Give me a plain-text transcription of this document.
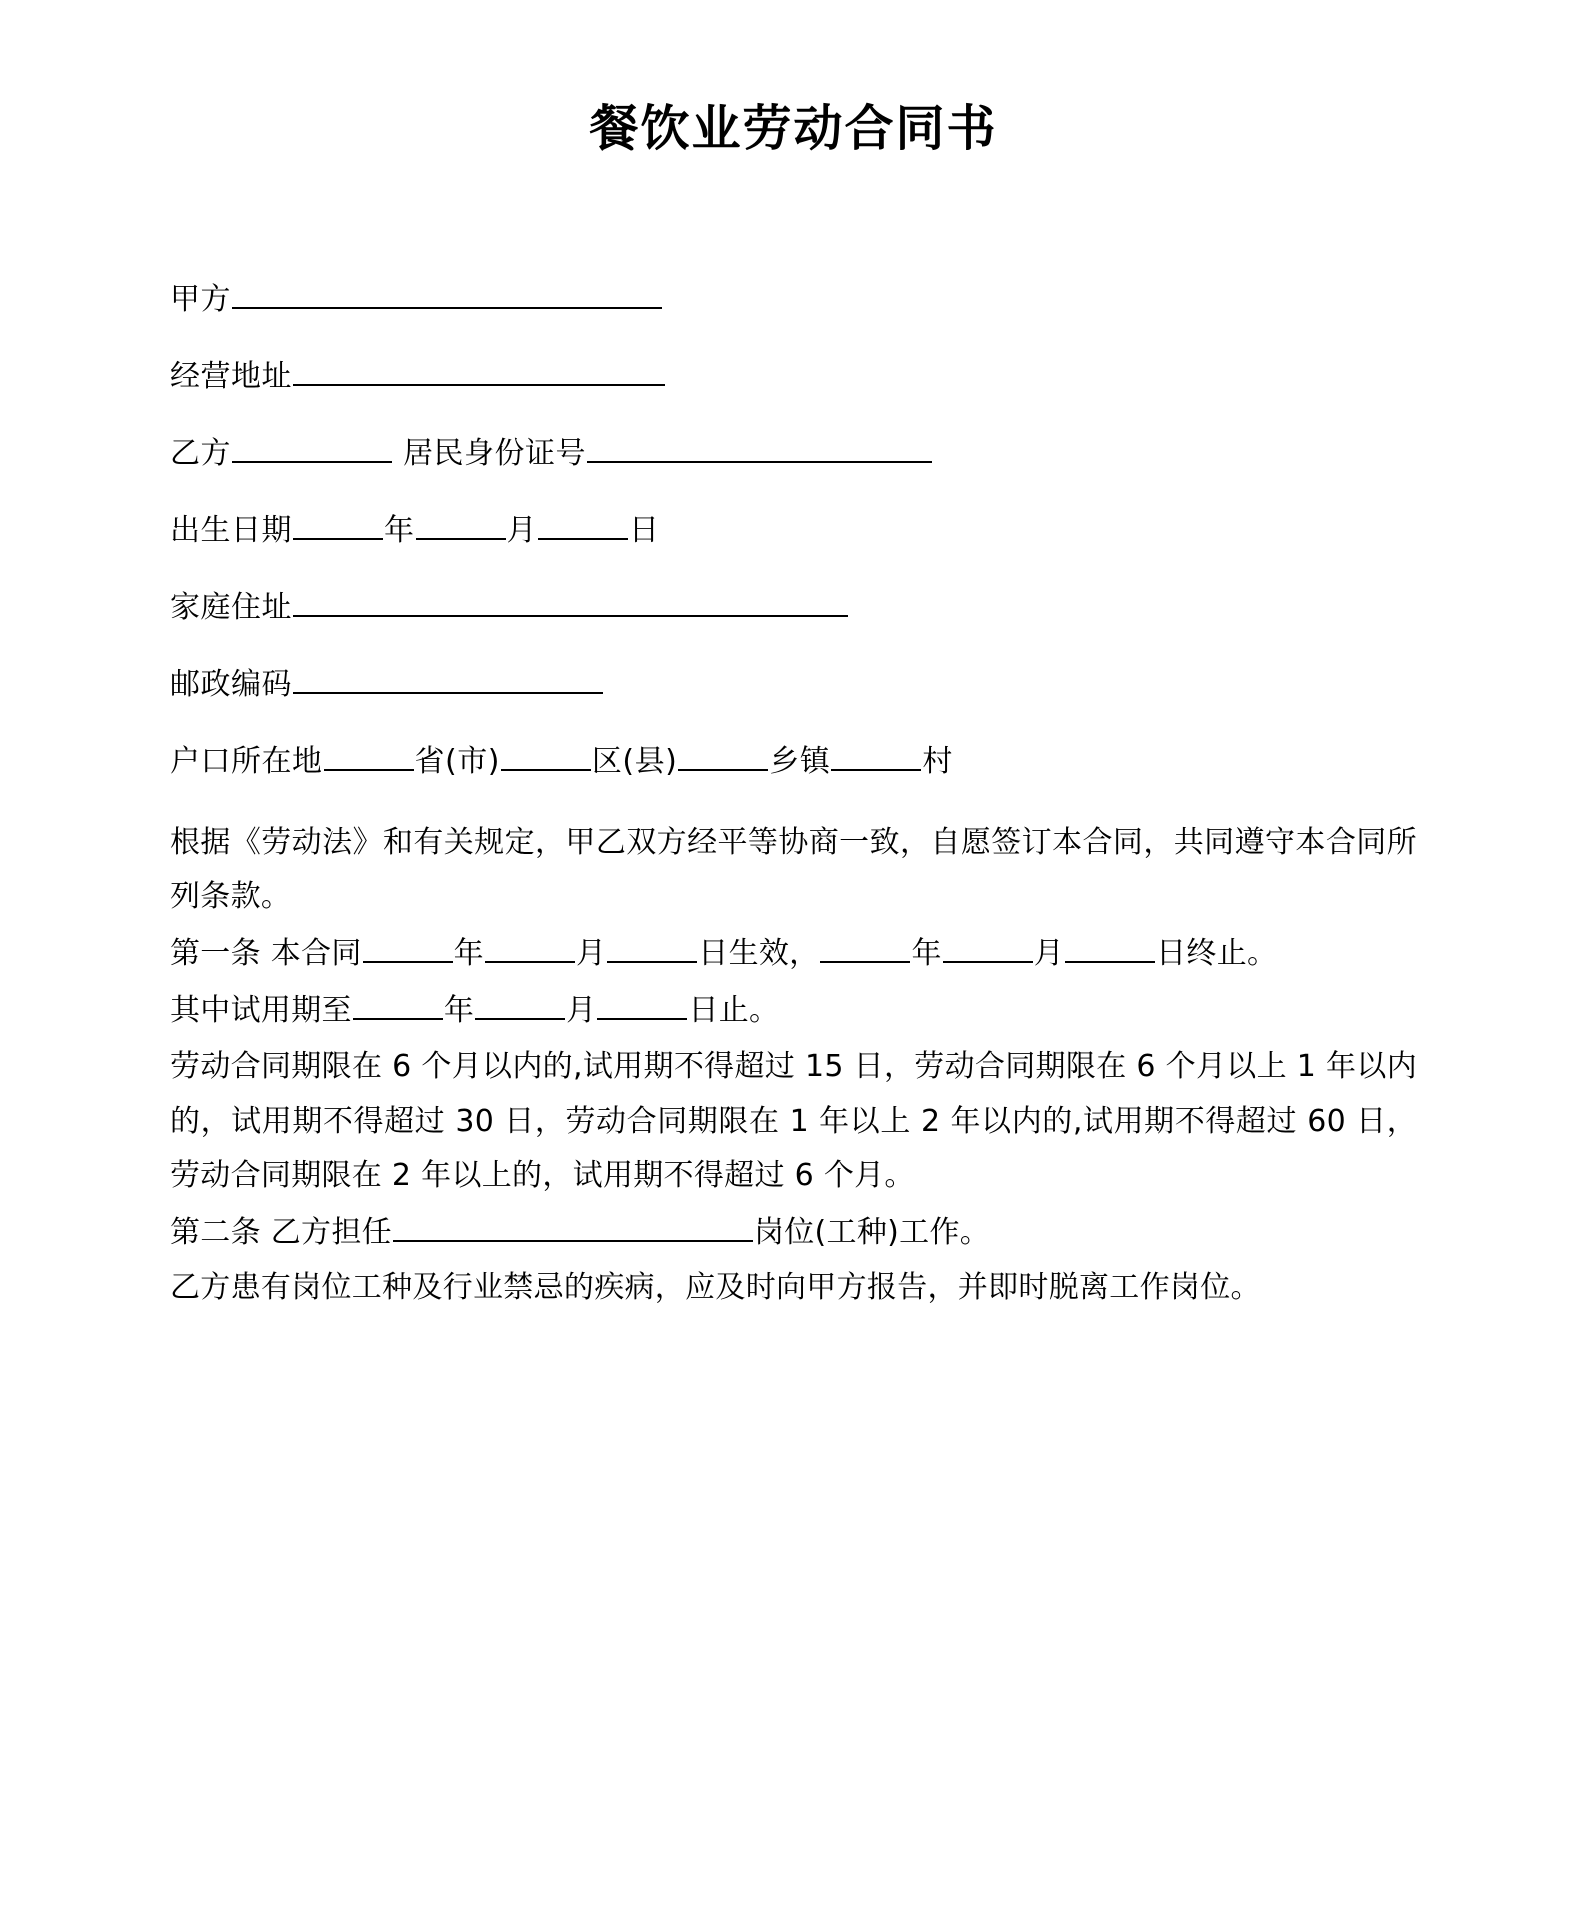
餐饮业劳动合同书
甲方
经营地址
乙方	居民身份证号
出生日期	年	月	日
家庭住址
邮政编码
户口所在地	省(市)	区(县)	乡镇	村

根据《劳动法》和有关规定，甲乙双方经平等协商一致，自愿签订本合同，共同遵守本合同所列条款。

第一条 本合同	年	月	日生效，	年	月	日终止。

其中试用期至	年	月	日止。

劳动合同期限在 6 个月以内的,试用期不得超过 15 日，劳动合同期限在 6 个月以上 1 年以内的，试用期不得超过 30 日，劳动合同期限在 1 年以上 2 年以内的,试用期不得超过 60 日，劳动合同期限在 2 年以上的，试用期不得超过 6 个月。

第二条 乙方担任	岗位(工种)工作。

乙方患有岗位工种及行业禁忌的疾病，应及时向甲方报告，并即时脱离工作岗位。
